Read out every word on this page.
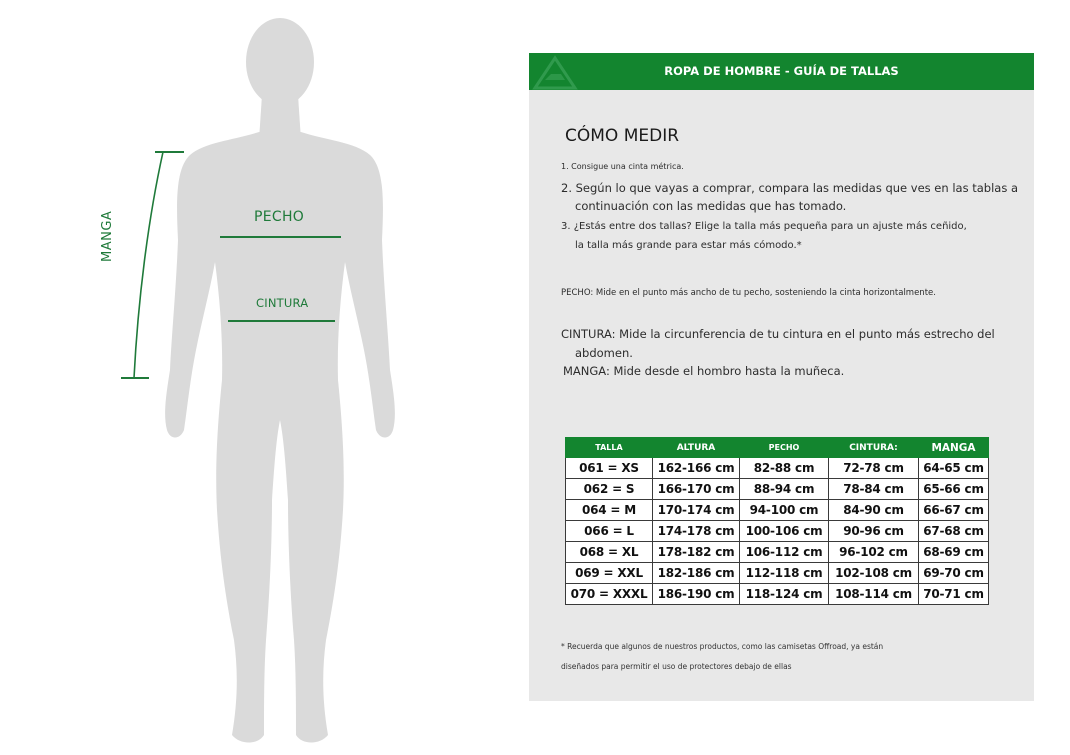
PECHO
CINTURA
MANGA
ROPA DE HOMBRE - GUÍA DE TALLAS
CÓMO MEDIR
1. Consigue una cinta métrica.
2. Según lo que vayas a comprar, compara las medidas que ves en las tablas a
continuación con las medidas que has tomado.
3. ¿Estás entre dos tallas? Elige la talla más pequeña para un ajuste más ceñido,
la talla más grande para estar más cómodo.*
PECHO: Mide en el punto más ancho de tu pecho, sosteniendo la cinta horizontalmente.
CINTURA: Mide la circunferencia de tu cintura en el punto más estrecho del
abdomen.
MANGA: Mide desde el hombro hasta la muñeca.
TALLA	ALTURA	PECHO	CINTURA:	MANGA
061 = XS	162-166 cm	82-88 cm	72-78 cm	64-65 cm
062 = S	166-170 cm	88-94 cm	78-84 cm	65-66 cm
064 = M	170-174 cm	94-100 cm	84-90 cm	66-67 cm
066 = L	174-178 cm	100-106 cm	90-96 cm	67-68 cm
068 = XL	178-182 cm	106-112 cm	96-102 cm	68-69 cm
069 = XXL	182-186 cm	112-118 cm	102-108 cm	69-70 cm
070 = XXXL	186-190 cm	118-124 cm	108-114 cm	70-71 cm
* Recuerda que algunos de nuestros productos, como las camisetas Offroad, ya están
diseñados para permitir el uso de protectores debajo de ellas
